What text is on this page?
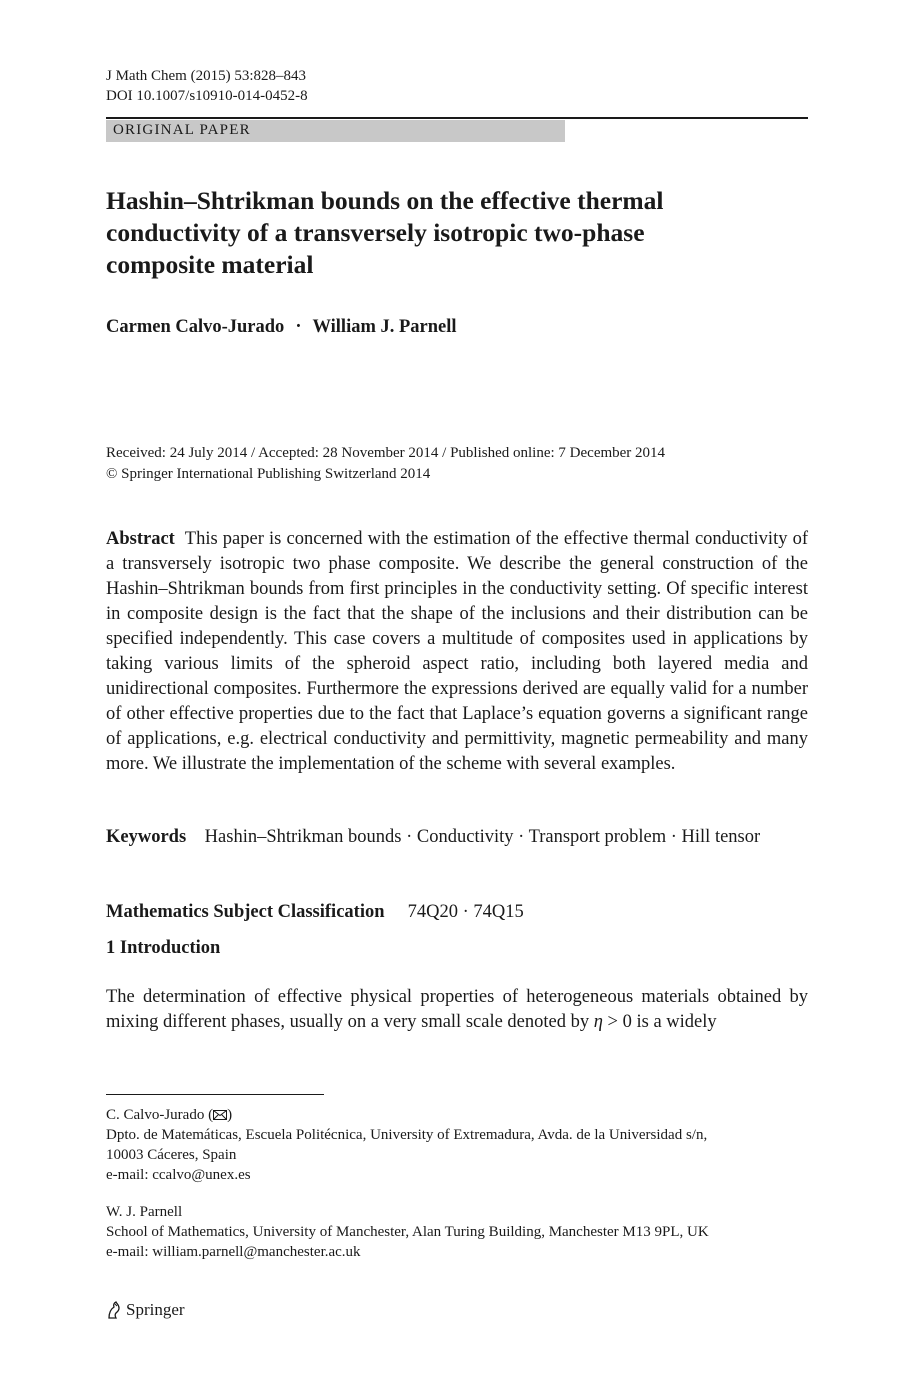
J Math Chem (2015) 53:828–843
DOI 10.1007/s10910-014-0452-8
ORIGINAL PAPER
Hashin–Shtrikman bounds on the effective thermal conductivity of a transversely isotropic two-phase composite material
Carmen Calvo-Jurado · William J. Parnell
Received: 24 July 2014 / Accepted: 28 November 2014 / Published online: 7 December 2014
© Springer International Publishing Switzerland 2014
Abstract This paper is concerned with the estimation of the effective thermal conductivity of a transversely isotropic two phase composite. We describe the general construction of the Hashin–Shtrikman bounds from first principles in the conductivity setting. Of specific interest in composite design is the fact that the shape of the inclusions and their distribution can be specified independently. This case covers a multitude of composites used in applications by taking various limits of the spheroid aspect ratio, including both layered media and unidirectional composites. Furthermore the expressions derived are equally valid for a number of other effective properties due to the fact that Laplace’s equation governs a significant range of applications, e.g. electrical conductivity and permittivity, magnetic permeability and many more. We illustrate the implementation of the scheme with several examples.
Keywords Hashin–Shtrikman bounds · Conductivity · Transport problem · Hill tensor
Mathematics Subject Classification 74Q20 · 74Q15
1 Introduction
The determination of effective physical properties of heterogeneous materials obtained by mixing different phases, usually on a very small scale denoted by η > 0 is a widely
C. Calvo-Jurado ( )
Dpto. de Matemáticas, Escuela Politécnica, University of Extremadura, Avda. de la Universidad s/n,
10003 Cáceres, Spain
e-mail: ccalvo@unex.es
W. J. Parnell
School of Mathematics, University of Manchester, Alan Turing Building, Manchester M13 9PL, UK
e-mail: william.parnell@manchester.ac.uk
Springer
